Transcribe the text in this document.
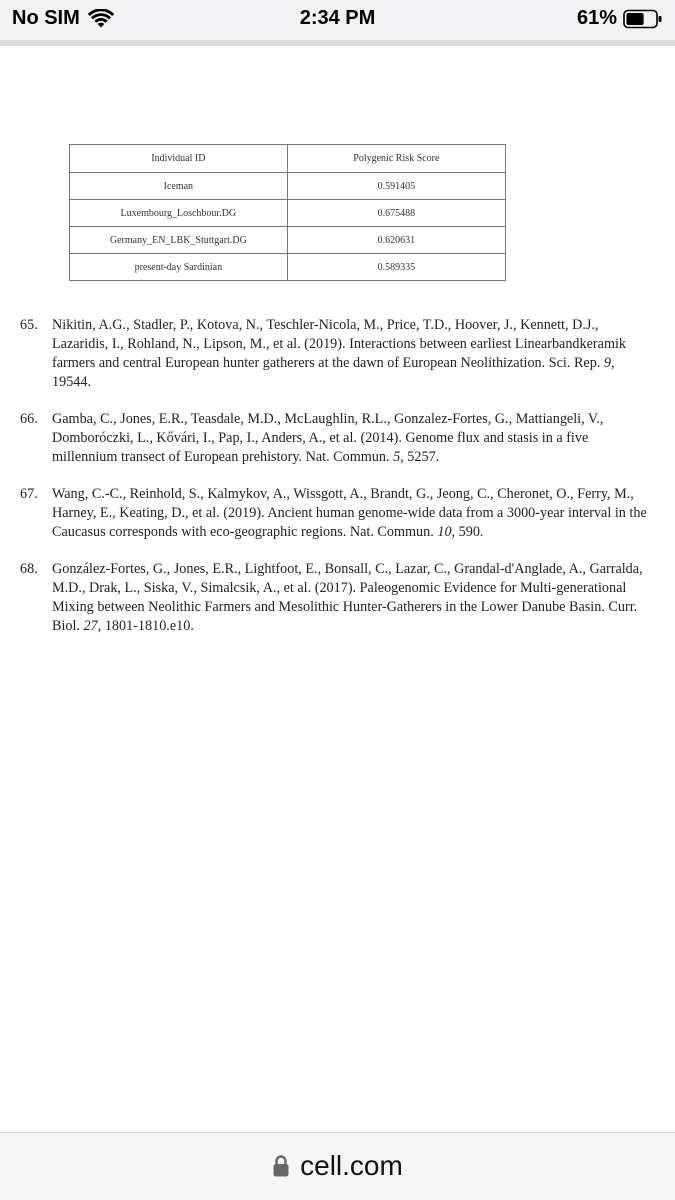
No SIM	2:34 PM	61%
Individual ID	Polygenic Risk Score
Iceman	0.591405
Luxembourg_Loschbour.DG	0.675488
Germany_EN_LBK_Stuttgart.DG	0.620631
present-day Sardinian	0.589335
65.	Nikitin, A.G., Stadler, P., Kotova, N., Teschler-Nicola, M., Price, T.D., Hoover, J., Kennett, D.J., Lazaridis, I., Rohland, N., Lipson, M., et al. (2019). Interactions between earliest Linearbandkeramik farmers and central European hunter gatherers at the dawn of European Neolithization. Sci. Rep. 9, 19544.
66.	Gamba, C., Jones, E.R., Teasdale, M.D., McLaughlin, R.L., Gonzalez-Fortes, G., Mattiangeli, V., Domboróczki, L., Kővári, I., Pap, I., Anders, A., et al. (2014). Genome flux and stasis in a five millennium transect of European prehistory. Nat. Commun. 5, 5257.
67.	Wang, C.-C., Reinhold, S., Kalmykov, A., Wissgott, A., Brandt, G., Jeong, C., Cheronet, O., Ferry, M., Harney, E., Keating, D., et al. (2019). Ancient human genome-wide data from a 3000-year interval in the Caucasus corresponds with eco-geographic regions. Nat. Commun. 10, 590.
68.	González-Fortes, G., Jones, E.R., Lightfoot, E., Bonsall, C., Lazar, C., Grandal-d'Anglade, A., Garralda, M.D., Drak, L., Siska, V., Simalcsik, A., et al. (2017). Paleogenomic Evidence for Multi-generational Mixing between Neolithic Farmers and Mesolithic Hunter-Gatherers in the Lower Danube Basin. Curr. Biol. 27, 1801-1810.e10.
cell.com
